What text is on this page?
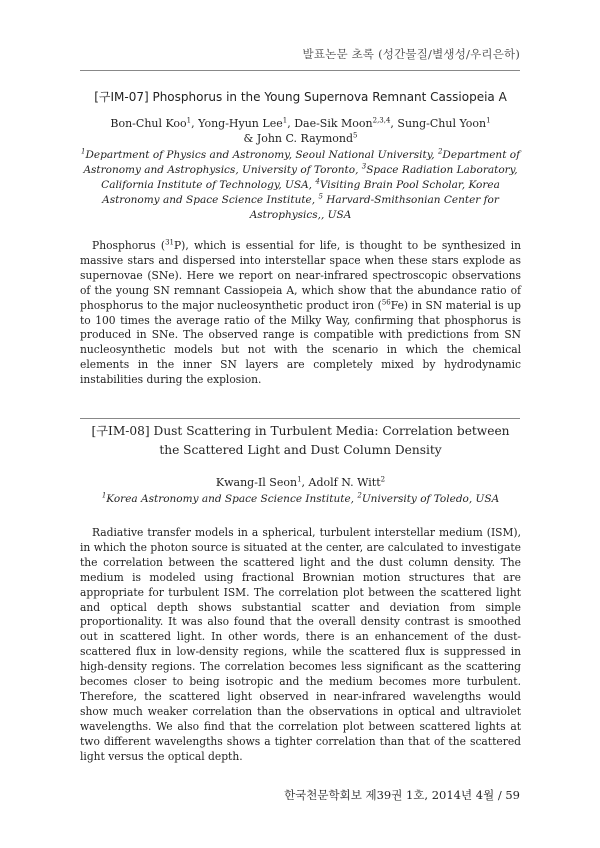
발표논문 초록 (성간물질/별생성/우리은하)
[구IM-07] Phosphorus in the Young Supernova Remnant Cassiopeia A
Bon-Chul Koo$^1$, Yong-Hyun Lee$^1$, Dae-Sik Moon$^{2,3,4}$, Sung-Chul Yoon$^1$
& John C. Raymond$^5$
$^1$Department of Physics and Astronomy, Seoul National University, $^2$Department of Astronomy and Astrophysics, University of Toronto, $^3$Space Radiation Laboratory, California Institute of Technology, USA, $^4$Visiting Brain Pool Scholar, Korea Astronomy and Space Science Institute, $^5$ Harvard-Smithsonian Center for Astrophysics,, USA

Phosphorus ($^{31}$P), which is essential for life, is thought to be synthesized in massive stars and dispersed into interstellar space when these stars explode as supernovae (SNe). Here we report on near-infrared spectroscopic observations of the young SN remnant Cassiopeia A, which show that the abundance ratio of phosphorus to the major nucleosynthetic product iron ($^{56}$Fe) in SN material is up to 100 times the average ratio of the Milky Way, confirming that phosphorus is produced in SNe. The observed range is compatible with predictions from SN nucleosynthetic models but not with the scenario in which the chemical elements in the inner SN layers are completely mixed by hydrodynamic instabilities during the explosion.

[구IM-08] Dust Scattering in Turbulent Media: Correlation between the Scattered Light and Dust Column Density
Kwang-Il Seon$^1$, Adolf N. Witt$^2$
$^1$Korea Astronomy and Space Science Institute, $^2$University of Toledo, USA

Radiative transfer models in a spherical, turbulent interstellar medium (ISM), in which the photon source is situated at the center, are calculated to investigate the correlation between the scattered light and the dust column density. The medium is modeled using fractional Brownian motion structures that are appropriate for turbulent ISM. The correlation plot between the scattered light and optical depth shows substantial scatter and deviation from simple proportionality. It was also found that the overall density contrast is smoothed out in scattered light. In other words, there is an enhancement of the dust-scattered flux in low-density regions, while the scattered flux is suppressed in high-density regions. The correlation becomes less significant as the scattering becomes closer to being isotropic and the medium becomes more turbulent. Therefore, the scattered light observed in near-infrared wavelengths would show much weaker correlation than the observations in optical and ultraviolet wavelengths. We also find that the correlation plot between scattered lights at two different wavelengths shows a tighter correlation than that of the scattered light versus the optical depth.

한국천문학회보 제39권 1호, 2014년 4월 / 59
